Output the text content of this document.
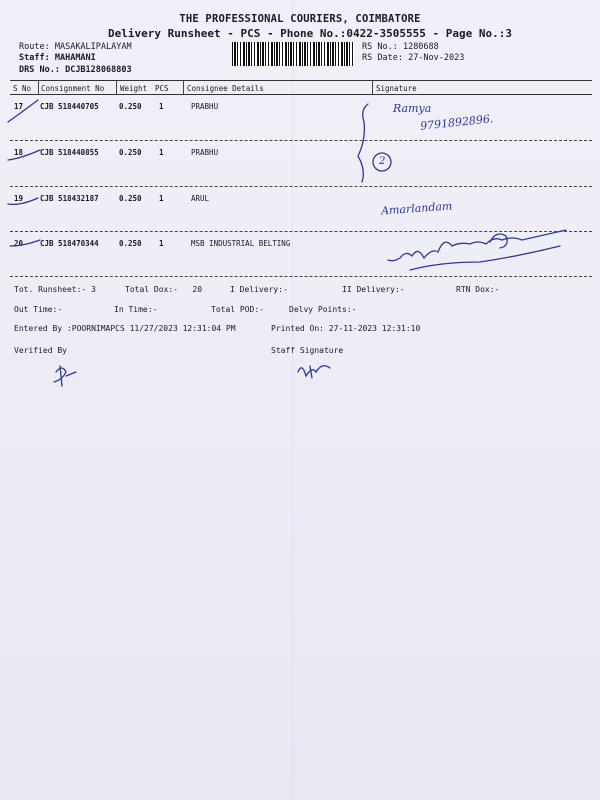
THE PROFESSIONAL COURIERS, COIMBATORE
Delivery Runsheet - PCS - Phone No.:0422-3505555 - Page No.:3
Route: MASAKALIPALAYAM
Staff: MAHAMANI
DRS No.: DCJB128068803
RS No.: 1280688
RS Date: 27-Nov-2023
S No Consignment No Weight PCS Consignee Details	Signature
17 CJB 518440705	0.250 1	PRABHU
18 CJB 518440855	0.250 1	PRABHU
19 CJB 518432187	0.250 1	ARUL
20 CJB 518470344	0.250 1	MSB INDUSTRIAL BELTING
Tot. Runsheet:- 3	Total Dox:-   20	I Delivery:-	II Delivery:-	RTN Dox:-
Out Time:-	In Time:-	Total POD:-	Delvy Points:-
Entered By :POORNIMAPCS 11/27/2023 12:31:04 PM	Printed On: 27-11-2023 12:31:10
Verified By	Staff Signature
Ramya
9791892896.
2
Amarlandam
